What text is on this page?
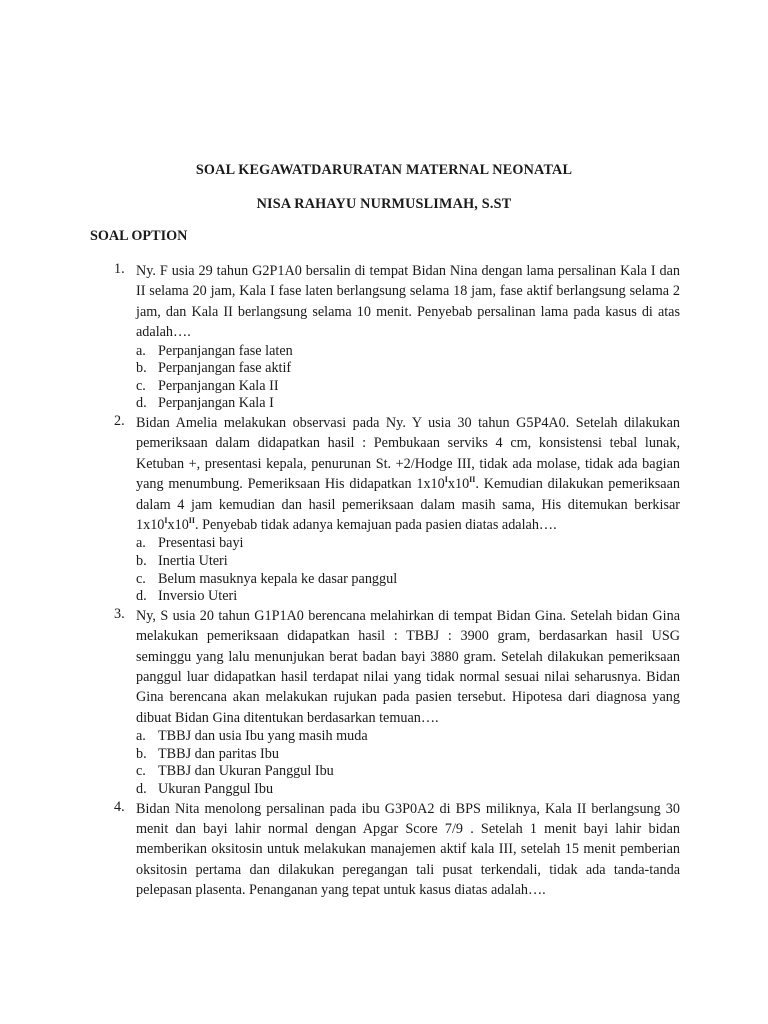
SOAL KEGAWATDARURATAN MATERNAL NEONATAL
NISA RAHAYU NURMUSLIMAH, S.ST
SOAL OPTION
1. Ny. F usia 29 tahun G2P1A0 bersalin di tempat Bidan Nina dengan lama persalinan Kala I dan II selama 20 jam, Kala I fase laten berlangsung selama 18 jam, fase aktif berlangsung selama 2 jam, dan Kala II berlangsung selama 10 menit. Penyebab persalinan lama pada kasus di atas adalah….
a. Perpanjangan fase laten
b. Perpanjangan fase aktif
c. Perpanjangan Kala II
d. Perpanjangan Kala I
2. Bidan Amelia melakukan observasi pada Ny. Y usia 30 tahun G5P4A0. Setelah dilakukan pemeriksaan dalam didapatkan hasil : Pembukaan serviks 4 cm, konsistensi tebal lunak, Ketuban +, presentasi kepala, penurunan St. +2/Hodge III, tidak ada molase, tidak ada bagian yang menumbung. Pemeriksaan His didapatkan $1x10^Ix10^{II}$. Kemudian dilakukan pemeriksaan dalam 4 jam kemudian dan hasil pemeriksaan dalam masih sama, His ditemukan berkisar $1x10^Ix10^{II}$. Penyebab tidak adanya kemajuan pada pasien diatas adalah….
a. Presentasi bayi
b. Inertia Uteri
c. Belum masuknya kepala ke dasar panggul
d. Inversio Uteri
3. Ny, S usia 20 tahun G1P1A0 berencana melahirkan di tempat Bidan Gina. Setelah bidan Gina melakukan pemeriksaan didapatkan hasil : TBBJ : 3900 gram, berdasarkan hasil USG seminggu yang lalu menunjukan berat badan bayi 3880 gram. Setelah dilakukan pemeriksaan panggul luar didapatkan hasil terdapat nilai yang tidak normal sesuai nilai seharusnya. Bidan Gina berencana akan melakukan rujukan pada pasien tersebut. Hipotesa dari diagnosa yang dibuat Bidan Gina ditentukan berdasarkan temuan….
a. TBBJ dan usia Ibu yang masih muda
b. TBBJ dan paritas Ibu
c. TBBJ dan Ukuran Panggul Ibu
d. Ukuran Panggul Ibu
4. Bidan Nita menolong persalinan pada ibu G3P0A2 di BPS miliknya, Kala II berlangsung 30 menit dan bayi lahir normal dengan Apgar Score 7/9 . Setelah 1 menit bayi lahir bidan memberikan oksitosin untuk melakukan manajemen aktif kala III, setelah 15 menit pemberian oksitosin pertama dan dilakukan peregangan tali pusat terkendali, tidak ada tanda-tanda pelepasan plasenta. Penanganan yang tepat untuk kasus diatas adalah….
